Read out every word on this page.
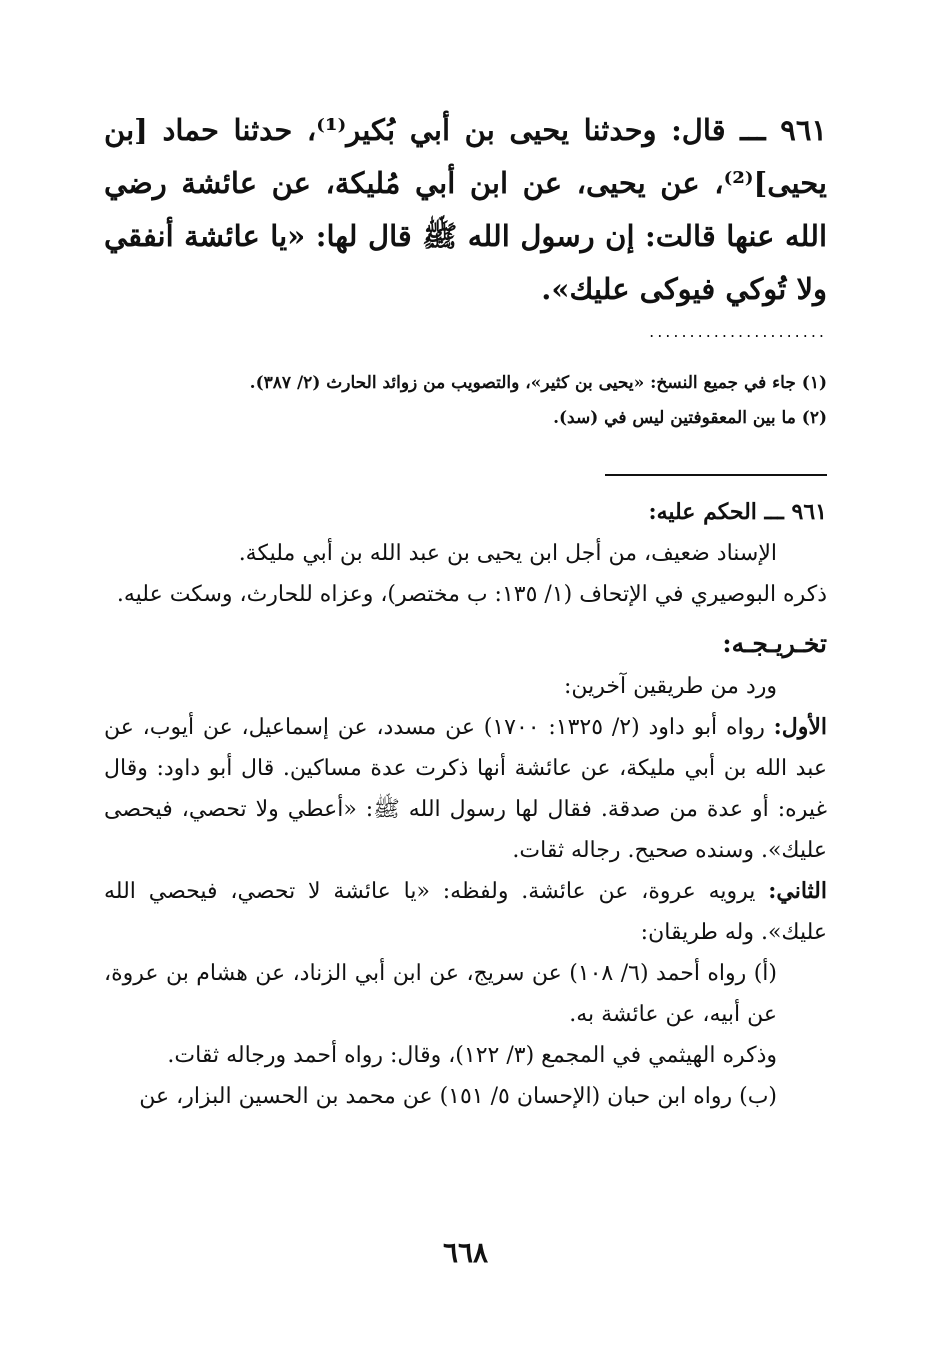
٩٦١ ـــ قال: وحدثنا يحيى بن أبي بُكير⁽¹⁾، حدثنا حماد [بن يحيى]⁽²⁾، عن يحيى، عن ابن أبي مُليكة، عن عائشة رضي الله عنها قالت: إن رسول الله ﷺ قال لها: «يا عائشة أنفقي ولا تُوكي فيوكى عليك».
......................
(١) جاء في جميع النسخ: «يحيى بن كثير»، والتصويب من زوائد الحارث (٢/ ٣٨٧).
(٢) ما بين المعقوفتين ليس في (سد).

٩٦١ ـــ الحكم عليه:

الإسناد ضعيف، من أجل ابن يحيى بن عبد الله بن أبي مليكة.

ذكره البوصيري في الإتحاف (١/ ١٣٥: ب مختصر)، وعزاه للحارث، وسكت عليه.

تخـريـجـه:

ورد من طريقين آخرين:

الأول: رواه أبو داود (٢/ ١٣٢٥: ١٧٠٠) عن مسدد، عن إسماعيل، عن أيوب، عن عبد الله بن أبي مليكة، عن عائشة أنها ذكرت عدة مساكين. قال أبو داود: وقال غيره: أو عدة من صدقة. فقال لها رسول الله ﷺ: «أعطي ولا تحصي، فيحصى عليك». وسنده صحيح. رجاله ثقات.

الثاني: يرويه عروة، عن عائشة. ولفظه: «يا عائشة لا تحصي، فيحصي الله عليك». وله طريقان:

(أ) رواه أحمد (٦/ ١٠٨) عن سريج، عن ابن أبي الزناد، عن هشام بن عروة، عن أبيه، عن عائشة به.

وذكره الهيثمي في المجمع (٣/ ١٢٢)، وقال: رواه أحمد ورجاله ثقات.

(ب) رواه ابن حبان (الإحسان ٥/ ١٥١) عن محمد بن الحسين البزار، عن

٦٦٨
